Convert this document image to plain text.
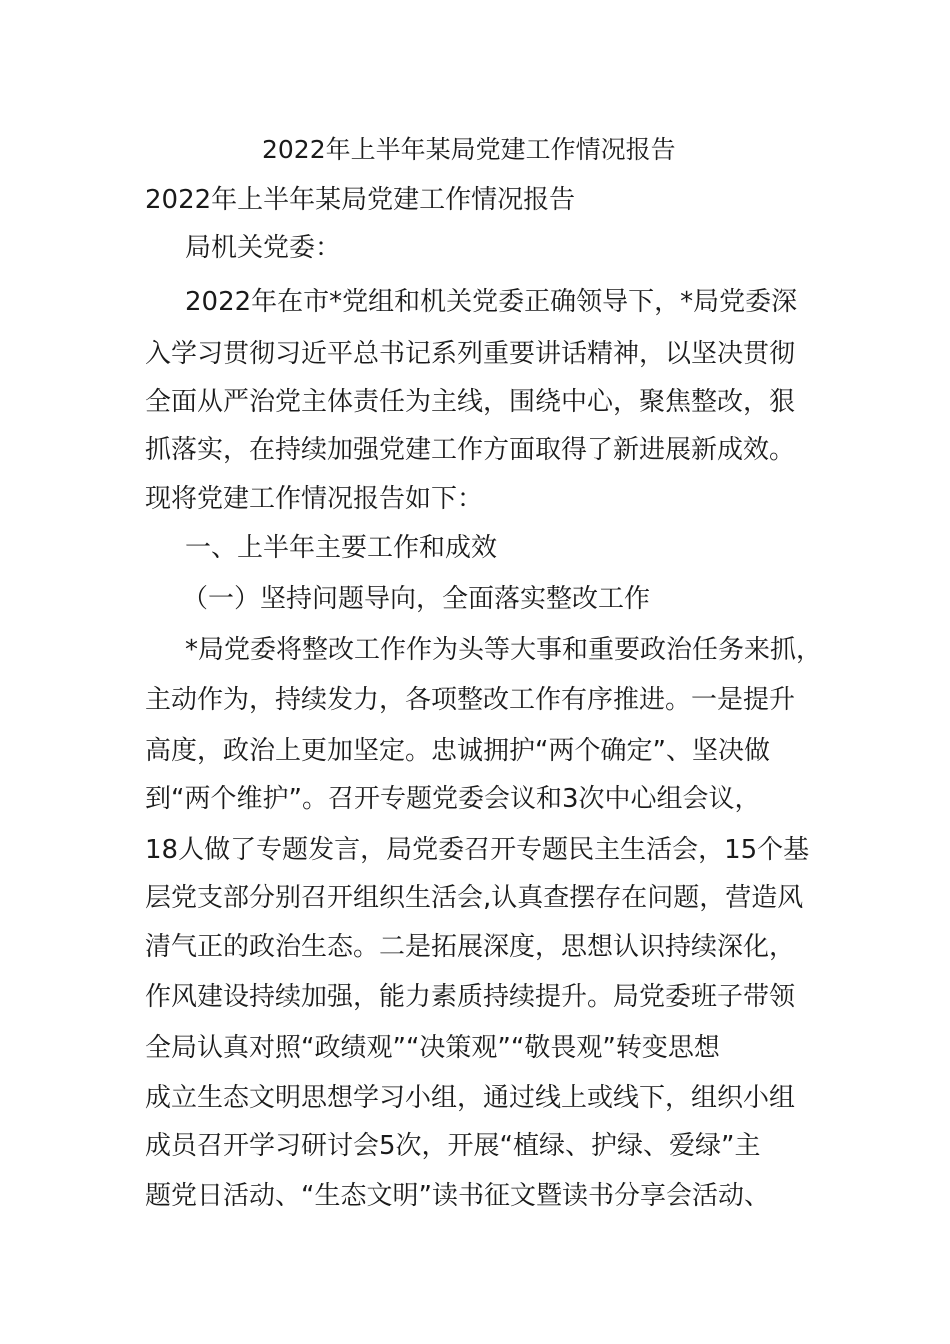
2022年上半年某局党建工作情况报告
2022年上半年某局党建工作情况报告
局机关党委：
2022年在市*党组和机关党委正确领导下，*局党委深
入学习贯彻习近平总书记系列重要讲话精神，以坚决贯彻
全面从严治党主体责任为主线，围绕中心，聚焦整改，狠
抓落实，在持续加强党建工作方面取得了新进展新成效。
现将党建工作情况报告如下：
一、上半年主要工作和成效
（一）坚持问题导向，全面落实整改工作
*局党委将整改工作作为头等大事和重要政治任务来抓，
主动作为，持续发力，各项整改工作有序推进。一是提升
高度，政治上更加坚定。忠诚拥护“两个确定”、坚决做
到“两个维护”。召开专题党委会议和3次中心组会议，
18人做了专题发言，局党委召开专题民主生活会，15个基
层党支部分别召开组织生活会,认真查摆存在问题，营造风
清气正的政治生态。二是拓展深度，思想认识持续深化，
作风建设持续加强，能力素质持续提升。局党委班子带领
全局认真对照“政绩观”“决策观”“敬畏观”转变思想
成立生态文明思想学习小组，通过线上或线下，组织小组
成员召开学习研讨会5次，开展“植绿、护绿、爱绿”主
题党日活动、“生态文明”读书征文暨读书分享会活动、
